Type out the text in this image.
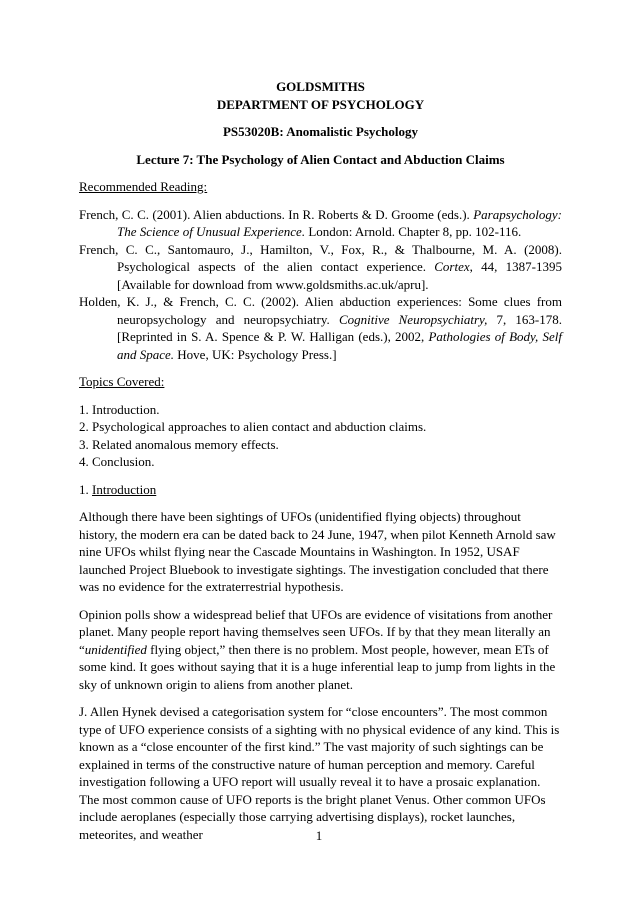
GOLDSMITHS
DEPARTMENT OF PSYCHOLOGY
PS53020B: Anomalistic Psychology
Lecture 7: The Psychology of Alien Contact and Abduction Claims
Recommended Reading:

French, C. C. (2001). Alien abductions. In R. Roberts & D. Groome (eds.). Parapsychology: The Science of Unusual Experience. London: Arnold. Chapter 8, pp. 102-116.

French, C. C., Santomauro, J., Hamilton, V., Fox, R., & Thalbourne, M. A. (2008). Psychological aspects of the alien contact experience. Cortex, 44, 1387-1395 [Available for download from www.goldsmiths.ac.uk/apru].

Holden, K. J., & French, C. C. (2002). Alien abduction experiences: Some clues from neuropsychology and neuropsychiatry. Cognitive Neuropsychiatry, 7, 163-178. [Reprinted in S. A. Spence & P. W. Halligan (eds.), 2002, Pathologies of Body, Self and Space. Hove, UK: Psychology Press.]

Topics Covered:
1. Introduction.
2. Psychological approaches to alien contact and abduction claims.
3. Related anomalous memory effects.
4. Conclusion.
1. Introduction

Although there have been sightings of UFOs (unidentified flying objects) throughout history, the modern era can be dated back to 24 June, 1947, when pilot Kenneth Arnold saw nine UFOs whilst flying near the Cascade Mountains in Washington. In 1952, USAF launched Project Bluebook to investigate sightings. The investigation concluded that there was no evidence for the extraterrestrial hypothesis.

Opinion polls show a widespread belief that UFOs are evidence of visitations from another planet. Many people report having themselves seen UFOs. If by that they mean literally an “unidentified flying object,” then there is no problem. Most people, however, mean ETs of some kind. It goes without saying that it is a huge inferential leap to jump from lights in the sky of unknown origin to aliens from another planet.

J. Allen Hynek devised a categorisation system for “close encounters”. The most common type of UFO experience consists of a sighting with no physical evidence of any kind. This is known as a “close encounter of the first kind.” The vast majority of such sightings can be explained in terms of the constructive nature of human perception and memory. Careful investigation following a UFO report will usually reveal it to have a prosaic explanation. The most common cause of UFO reports is the bright planet Venus. Other common UFOs include aeroplanes (especially those carrying advertising displays), rocket launches, meteorites, and weather	1
